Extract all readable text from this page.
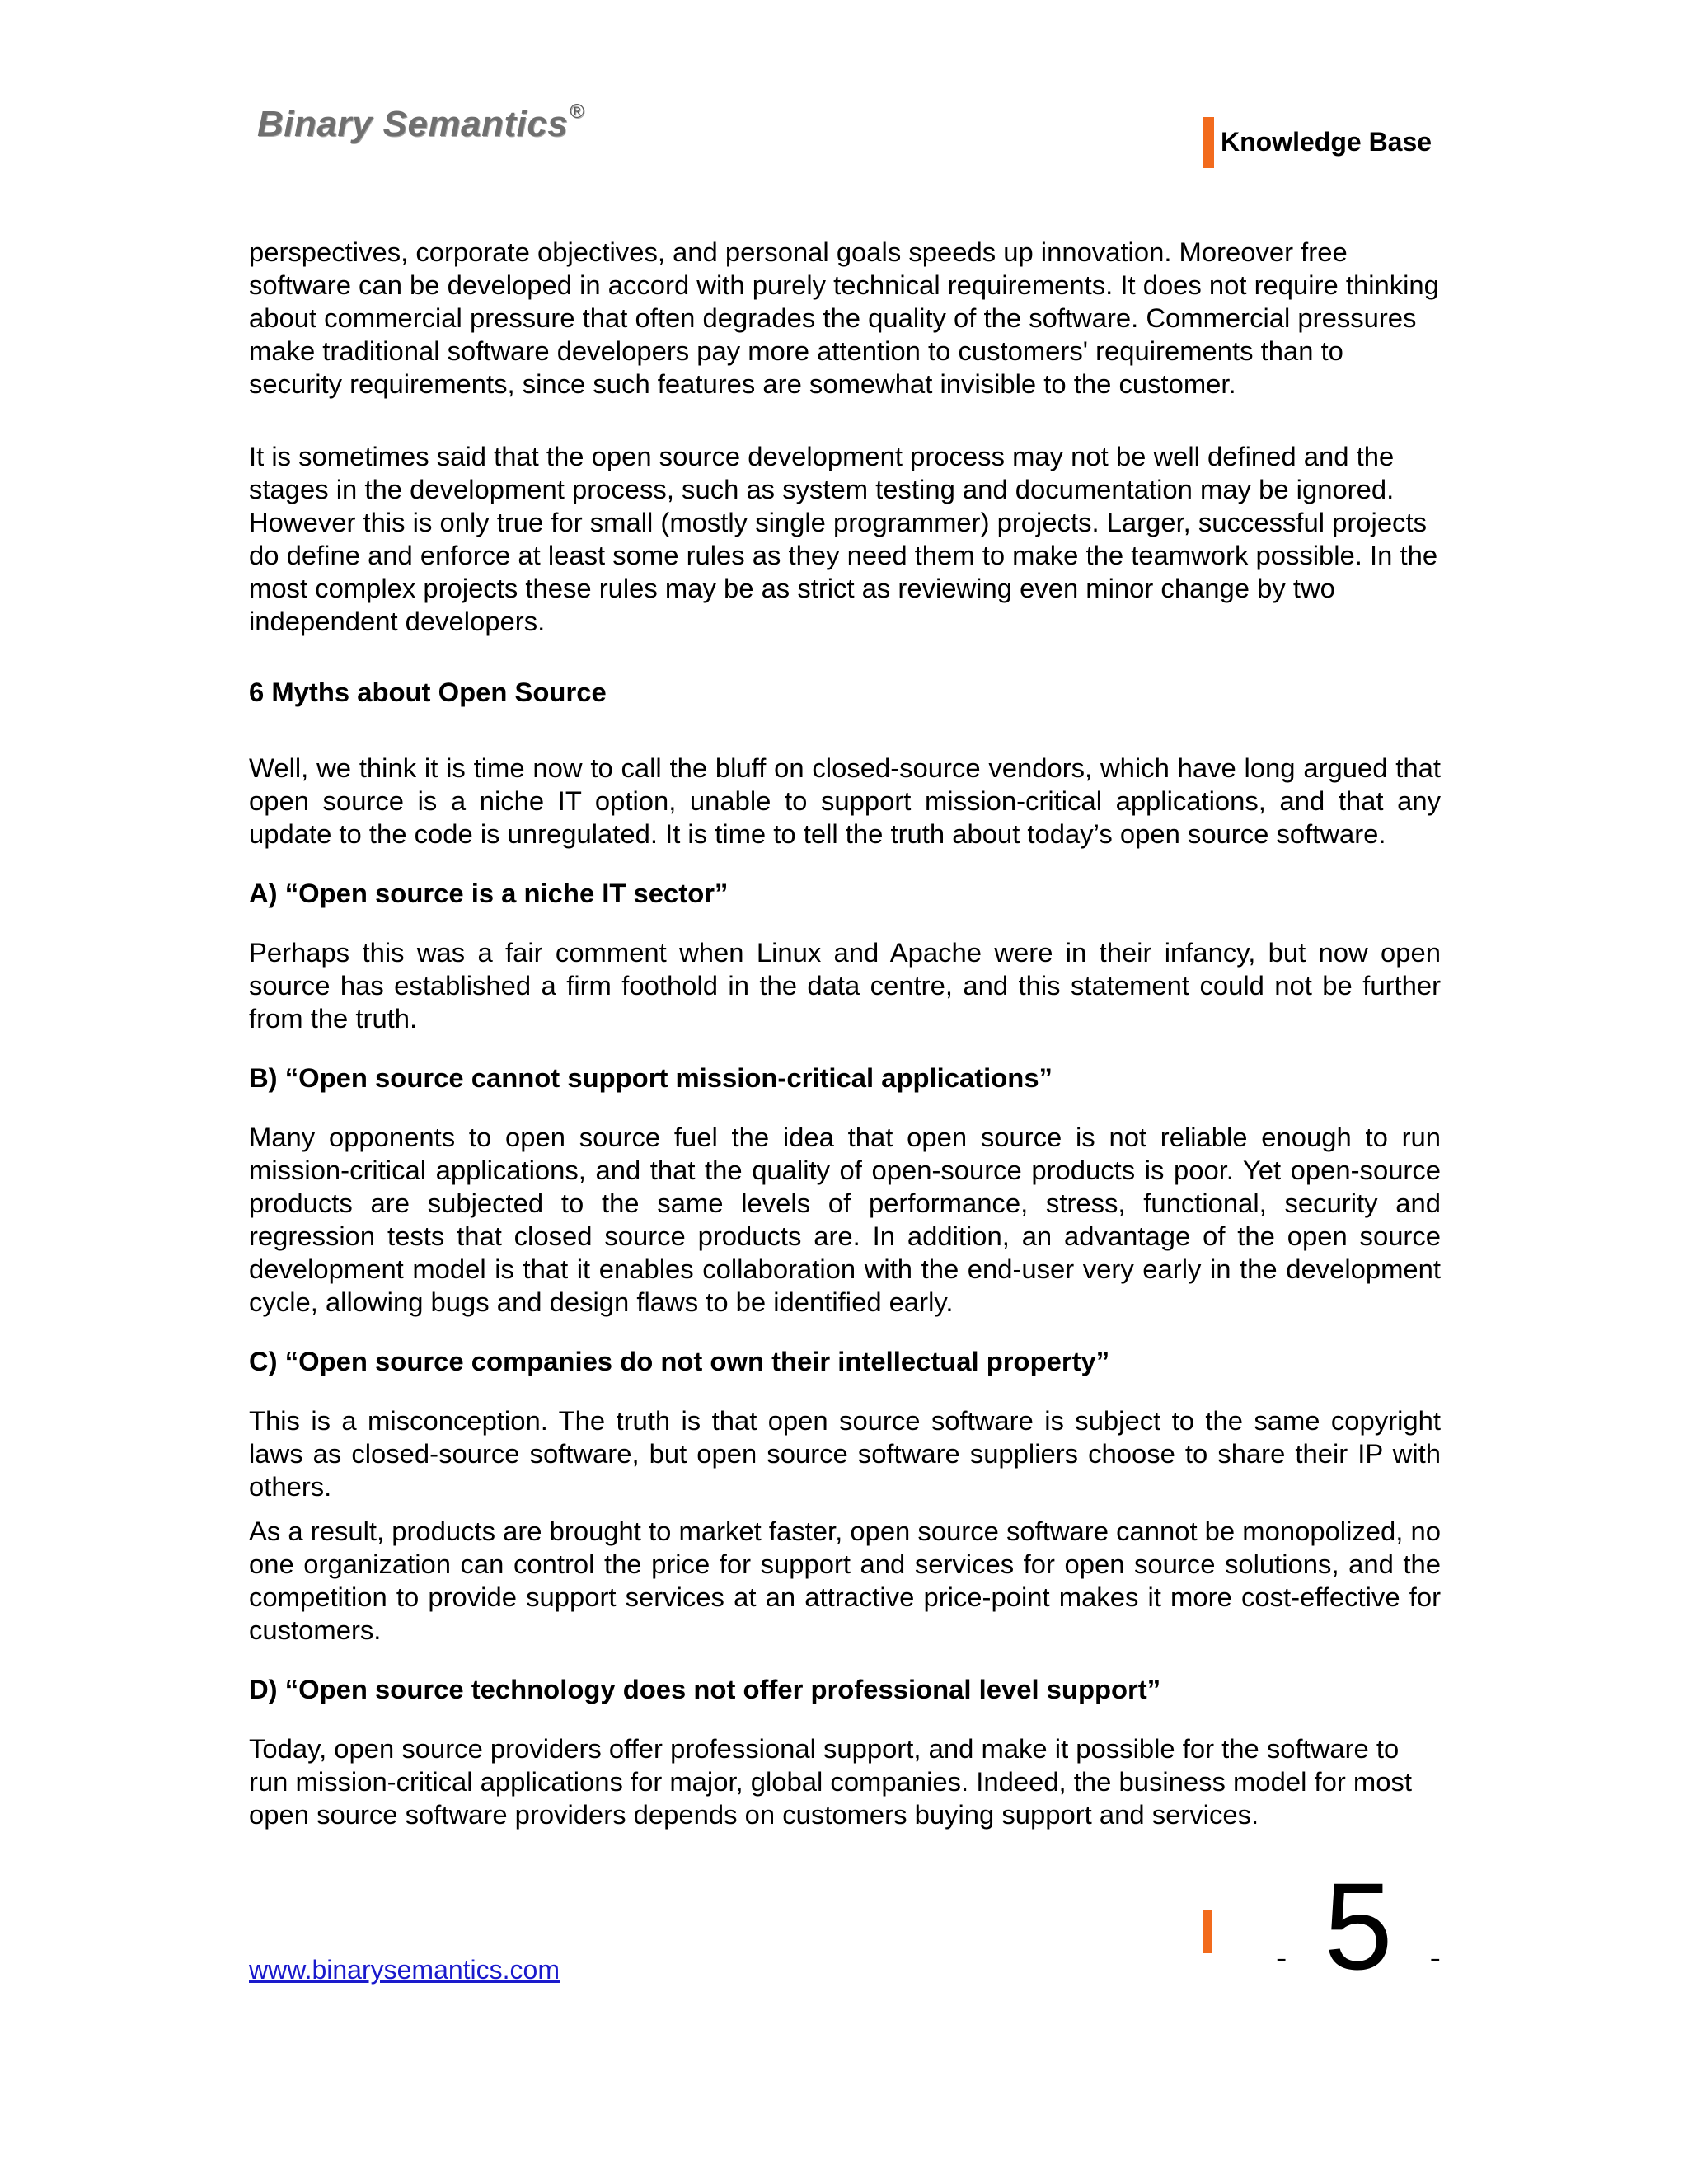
Binary Semantics®
Knowledge Base

perspectives, corporate objectives, and personal goals speeds up innovation. Moreover free software can be developed in accord with purely technical requirements. It does not require thinking about commercial pressure that often degrades the quality of the software. Commercial pressures make traditional software developers pay more attention to customers' requirements than to security requirements, since such features are somewhat invisible to the customer.

It is sometimes said that the open source development process may not be well defined and the stages in the development process, such as system testing and documentation may be ignored. However this is only true for small (mostly single programmer) projects. Larger, successful projects do define and enforce at least some rules as they need them to make the teamwork possible. In the most complex projects these rules may be as strict as reviewing even minor change by two independent developers.

6 Myths about Open Source

Well, we think it is time now to call the bluff on closed-source vendors, which have long argued that open source is a niche IT option, unable to support mission-critical applications, and that any update to the code is unregulated. It is time to tell the truth about today’s open source software.

A) “Open source is a niche IT sector”

Perhaps this was a fair comment when Linux and Apache were in their infancy, but now open source has established a firm foothold in the data centre, and this statement could not be further from the truth.

B) “Open source cannot support mission-critical applications”

Many opponents to open source fuel the idea that open source is not reliable enough to run mission-critical applications, and that the quality of open-source products is poor. Yet open-source products are subjected to the same levels of performance, stress, functional, security and regression tests that closed source products are. In addition, an advantage of the open source development model is that it enables collaboration with the end-user very early in the development cycle, allowing bugs and design flaws to be identified early.

C) “Open source companies do not own their intellectual property”

This is a misconception. The truth is that open source software is subject to the same copyright laws as closed-source software, but open source software suppliers choose to share their IP with others.

As a result, products are brought to market faster, open source software cannot be monopolized, no one organization can control the price for support and services for open source solutions, and the competition to provide support services at an attractive price-point makes it more cost-effective for customers.

D) “Open source technology does not offer professional level support”

Today, open source providers offer professional support, and make it possible for the software to run mission-critical applications for major, global companies. Indeed, the business model for most open source software providers depends on customers buying support and services.

www.binarysemantics.com	- 5 -
